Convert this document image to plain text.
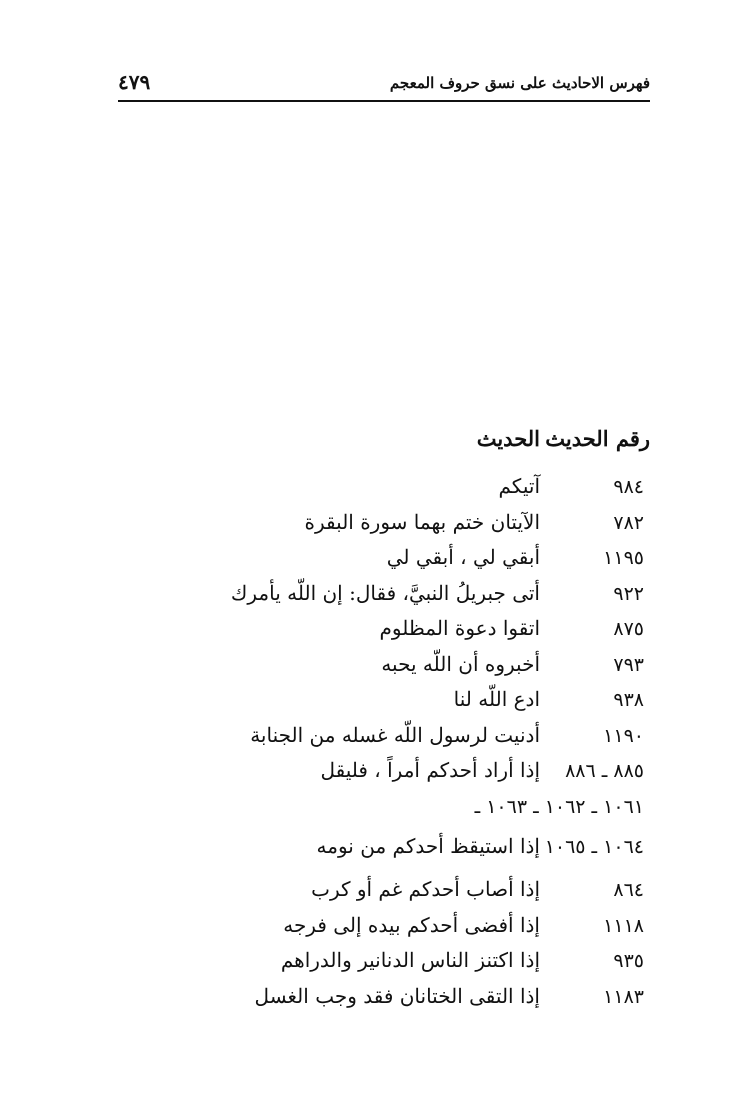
فهرس الاحاديث على نسق حروف المعجم
٤٧٩
رقم الحديث
الحديث
٩٨٤
آتيكم
٧٨٢
الآيتان ختم بهما سورة البقرة
١١٩٥
أبقي لي ، أبقي لي
٩٢٢
أتى جبريلُ النبيَّ، فقال: إن اللّه يأمرك
٨٧٥
اتقوا دعوة المظلوم
٧٩٣
أخبروه أن اللّه يحبه
٩٣٨
ادع اللّه لنا
١١٩٠
أدنيت لرسول اللّه غسله من الجنابة
٨٨٥ ـ ٨٨٦
إذا أراد أحدكم أمراً ، فليقل
١٠٦١ ـ ١٠٦٢ ـ ١٠٦٣ ـ
١٠٦٤ ـ ١٠٦٥
إذا استيقظ أحدكم من نومه
٨٦٤
إذا أصاب أحدكم غم أو كرب
١١١٨
إذا أفضى أحدكم بيده إلى فرجه
٩٣٥
إذا اكتنز الناس الدنانير والدراهم
١١٨٣
إذا التقى الختانان فقد وجب الغسل
